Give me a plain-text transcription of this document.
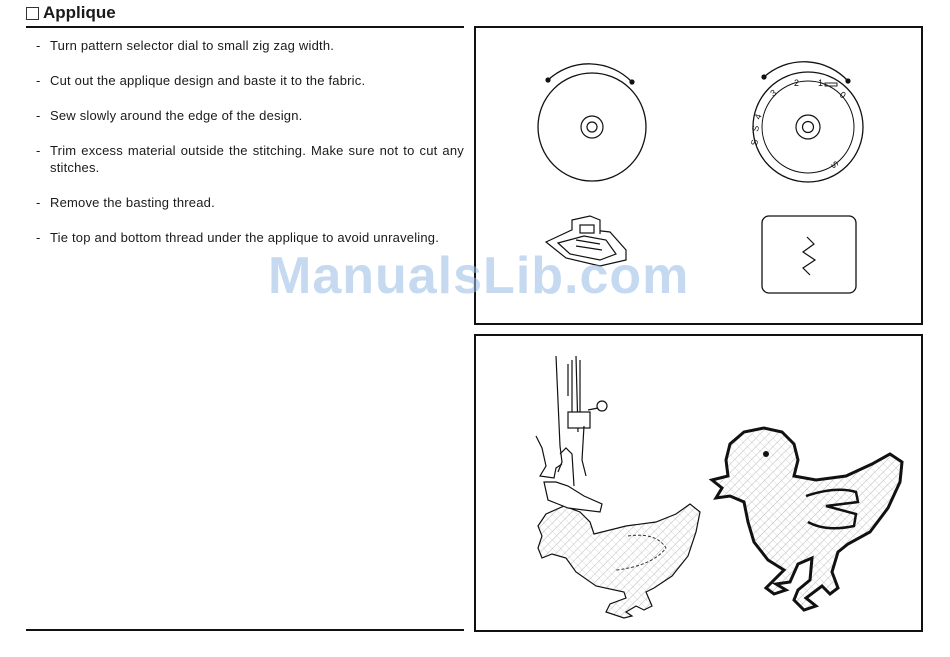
Applique
- Turn pattern selector dial to small zig zag width.
- Cut out the applique design and baste it to the fabric.
- Sew slowly around the edge of the design.
- Trim excess material outside the stitching. Make sure not to cut any stitches.
- Remove the basting thread.
- Tie top and bottom thread under the applique to avoid unraveling.
3
2 1
0
S
S
4
S
ManualsLib.com
